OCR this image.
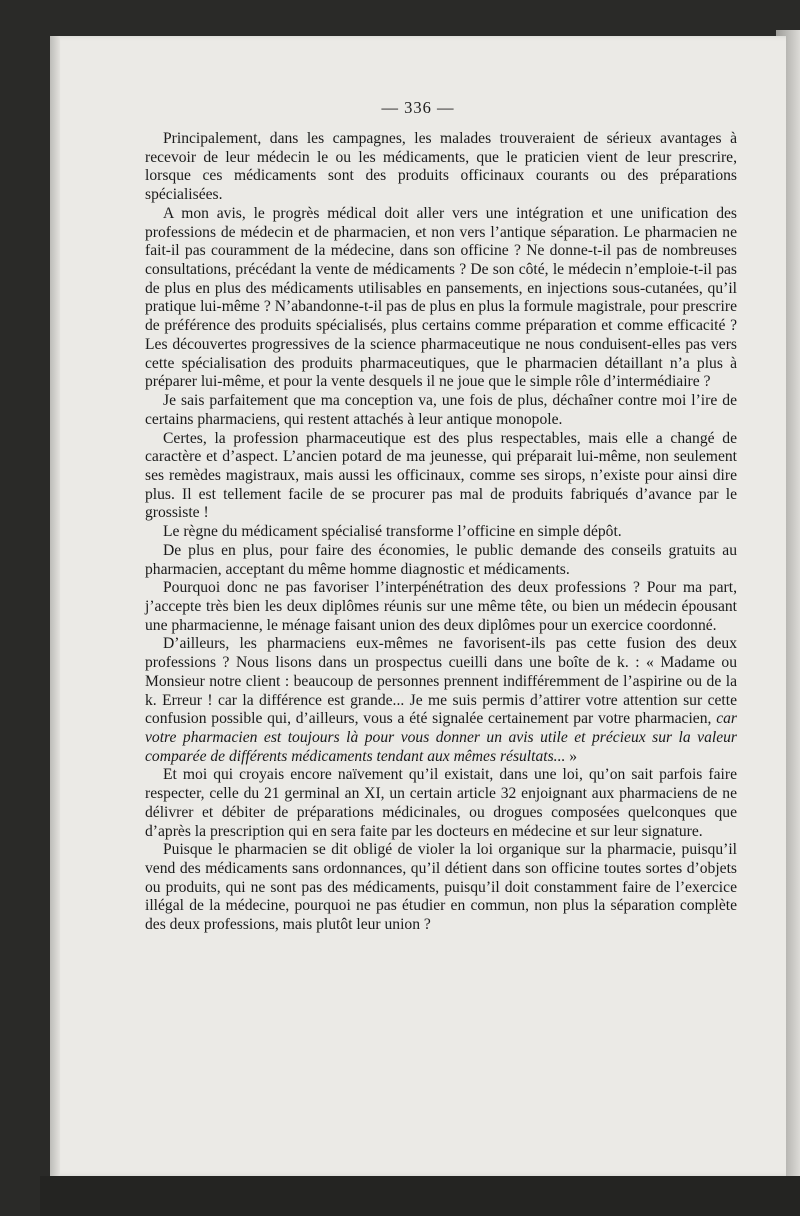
— 336 —

Principalement, dans les campagnes, les malades trouveraient de sérieux avantages à recevoir de leur médecin le ou les médicaments, que le praticien vient de leur prescrire, lorsque ces médicaments sont des produits officinaux courants ou des préparations spécialisées.

A mon avis, le progrès médical doit aller vers une intégration et une unification des professions de médecin et de pharmacien, et non vers l’antique séparation. Le pharmacien ne fait-il pas couramment de la médecine, dans son officine ? Ne donne-t-il pas de nombreuses consultations, précédant la vente de médicaments ? De son côté, le médecin n’emploie-t-il pas de plus en plus des médicaments utilisables en pansements, en injections sous-cutanées, qu’il pratique lui-même ? N’abandonne-t-il pas de plus en plus la formule magistrale, pour prescrire de préférence des produits spécialisés, plus certains comme préparation et comme efficacité ? Les découvertes progressives de la science pharmaceutique ne nous conduisent-elles pas vers cette spécialisation des produits pharmaceutiques, que le pharmacien détaillant n’a plus à préparer lui-même, et pour la vente desquels il ne joue que le simple rôle d’intermédiaire ?

Je sais parfaitement que ma conception va, une fois de plus, déchaîner contre moi l’ire de certains pharmaciens, qui restent attachés à leur antique monopole.

Certes, la profession pharmaceutique est des plus respectables, mais elle a changé de caractère et d’aspect. L’ancien potard de ma jeunesse, qui préparait lui-même, non seulement ses remèdes magistraux, mais aussi les officinaux, comme ses sirops, n’existe pour ainsi dire plus. Il est tellement facile de se procurer pas mal de produits fabriqués d’avance par le grossiste !

Le règne du médicament spécialisé transforme l’officine en simple dépôt.

De plus en plus, pour faire des économies, le public demande des conseils gratuits au pharmacien, acceptant du même homme diagnostic et médicaments.

Pourquoi donc ne pas favoriser l’interpénétration des deux professions ? Pour ma part, j’accepte très bien les deux diplômes réunis sur une même tête, ou bien un médecin épousant une pharmacienne, le ménage faisant union des deux diplômes pour un exercice coordonné.

D’ailleurs, les pharmaciens eux-mêmes ne favorisent-ils pas cette fusion des deux professions ? Nous lisons dans un prospectus cueilli dans une boîte de k. : « Madame ou Monsieur notre client : beaucoup de personnes prennent indifféremment de l’aspirine ou de la k. Erreur ! car la différence est grande... Je me suis permis d’attirer votre attention sur cette confusion possible qui, d’ailleurs, vous a été signalée certainement par votre pharmacien, car votre pharmacien est toujours là pour vous donner un avis utile et précieux sur la valeur comparée de différents médicaments tendant aux mêmes résultats... »

Et moi qui croyais encore naïvement qu’il existait, dans une loi, qu’on sait parfois faire respecter, celle du 21 germinal an XI, un certain article 32 enjoignant aux pharmaciens de ne délivrer et débiter de préparations médicinales, ou drogues composées quelconques que d’après la prescription qui en sera faite par les docteurs en médecine et sur leur signature.

Puisque le pharmacien se dit obligé de violer la loi organique sur la pharmacie, puisqu’il vend des médicaments sans ordonnances, qu’il détient dans son officine toutes sortes d’objets ou produits, qui ne sont pas des médicaments, puisqu’il doit constamment faire de l’exercice illégal de la médecine, pourquoi ne pas étudier en commun, non plus la séparation complète des deux professions, mais plutôt leur union ?
